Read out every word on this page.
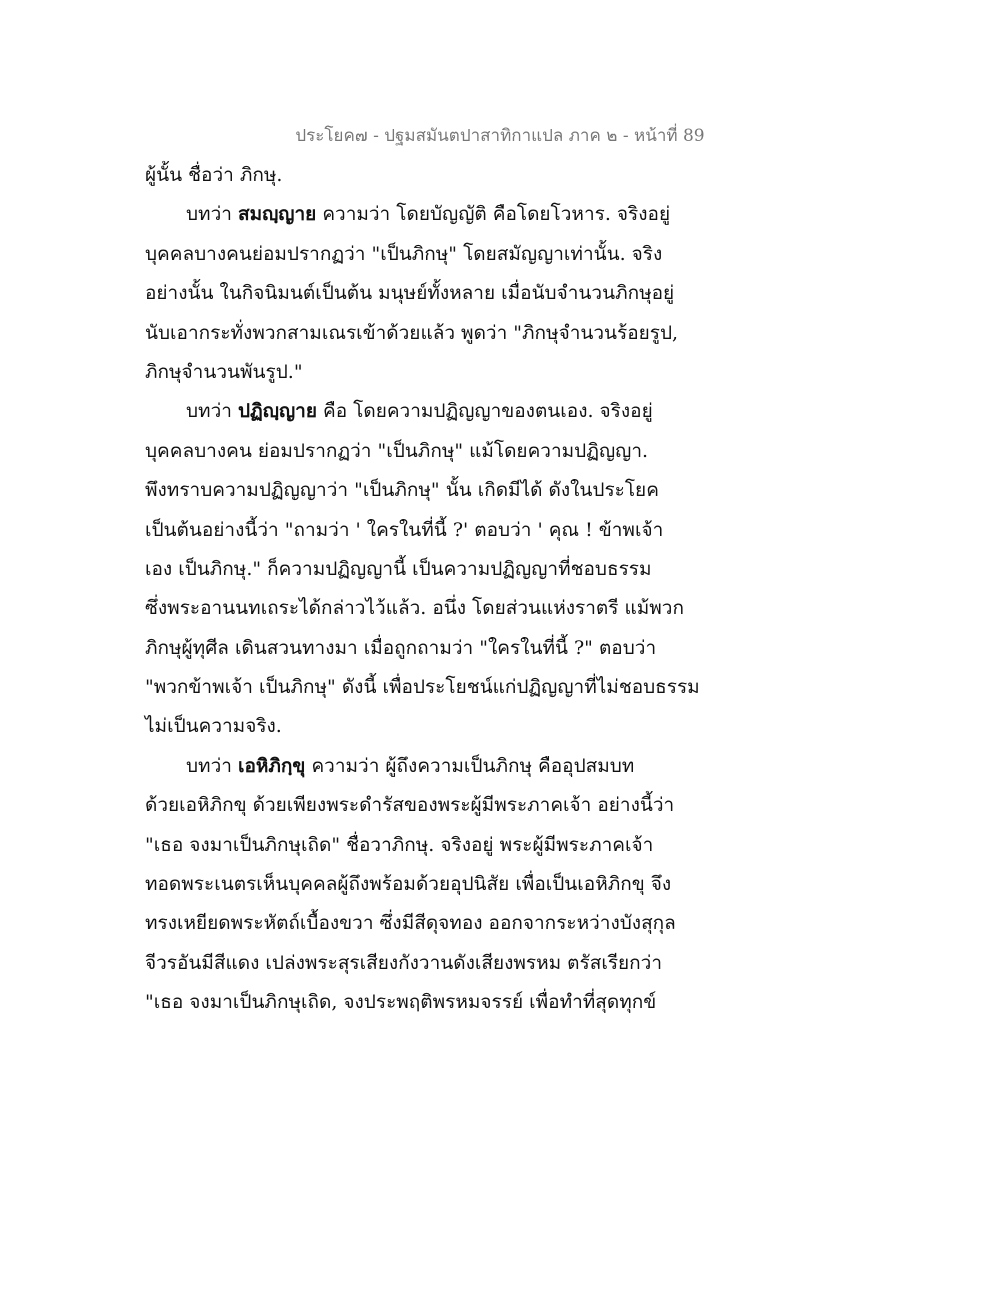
ประโยค๗ - ปฐมสมันตปาสาทิกาแปล ภาค ๒ - หน้าที่ 89
ผู้นั้น ชื่อว่า ภิกษุ.
บทว่า สมญฺญาย ความว่า โดยบัญญัติ คือโดยโวหาร. จริงอยู่
บุคคลบางคนย่อมปรากฏว่า "เป็นภิกษุ" โดยสมัญญาเท่านั้น. จริง
อย่างนั้น ในกิจนิมนต์เป็นต้น มนุษย์ทั้งหลาย เมื่อนับจำนวนภิกษุอยู่
นับเอากระทั่งพวกสามเณรเข้าด้วยแล้ว พูดว่า "ภิกษุจำนวนร้อยรูป,
ภิกษุจำนวนพันรูป."
บทว่า ปฏิญฺญาย คือ โดยความปฏิญญาของตนเอง. จริงอยู่
บุคคลบางคน ย่อมปรากฏว่า "เป็นภิกษุ" แม้โดยความปฏิญญา.
พึงทราบความปฏิญญาว่า "เป็นภิกษุ" นั้น เกิดมีได้ ดังในประโยค
เป็นต้นอย่างนี้ว่า "ถามว่า ' ใครในที่นี้ ?' ตอบว่า ' คุณ ! ข้าพเจ้า
เอง เป็นภิกษุ." ก็ความปฏิญญานี้ เป็นความปฏิญญาที่ชอบธรรม
ซึ่งพระอานนทเถระได้กล่าวไว้แล้ว. อนึ่ง โดยส่วนแห่งราตรี แม้พวก
ภิกษุผู้ทุศีล เดินสวนทางมา เมื่อถูกถามว่า "ใครในที่นี้ ?" ตอบว่า
"พวกข้าพเจ้า เป็นภิกษุ" ดังนี้ เพื่อประโยชน์แก่ปฏิญญาที่ไม่ชอบธรรม
ไม่เป็นความจริง.
บทว่า เอหิภิกฺขุ ความว่า ผู้ถึงความเป็นภิกษุ คืออุปสมบท
ด้วยเอหิภิกขุ ด้วยเพียงพระดำรัสของพระผู้มีพระภาคเจ้า อย่างนี้ว่า
"เธอ จงมาเป็นภิกษุเถิด" ชื่อวาภิกษุ. จริงอยู่ พระผู้มีพระภาคเจ้า
ทอดพระเนตรเห็นบุคคลผู้ถึงพร้อมด้วยอุปนิสัย เพื่อเป็นเอหิภิกขุ จึง
ทรงเหยียดพระหัตถ์เบื้องขวา ซึ่งมีสีดุจทอง ออกจากระหว่างบังสุกุล
จีวรอันมีสีแดง เปล่งพระสุรเสียงกังวานดังเสียงพรหม ตรัสเรียกว่า
"เธอ จงมาเป็นภิกษุเถิด, จงประพฤติพรหมจรรย์ เพื่อทำที่สุดทุกข์
